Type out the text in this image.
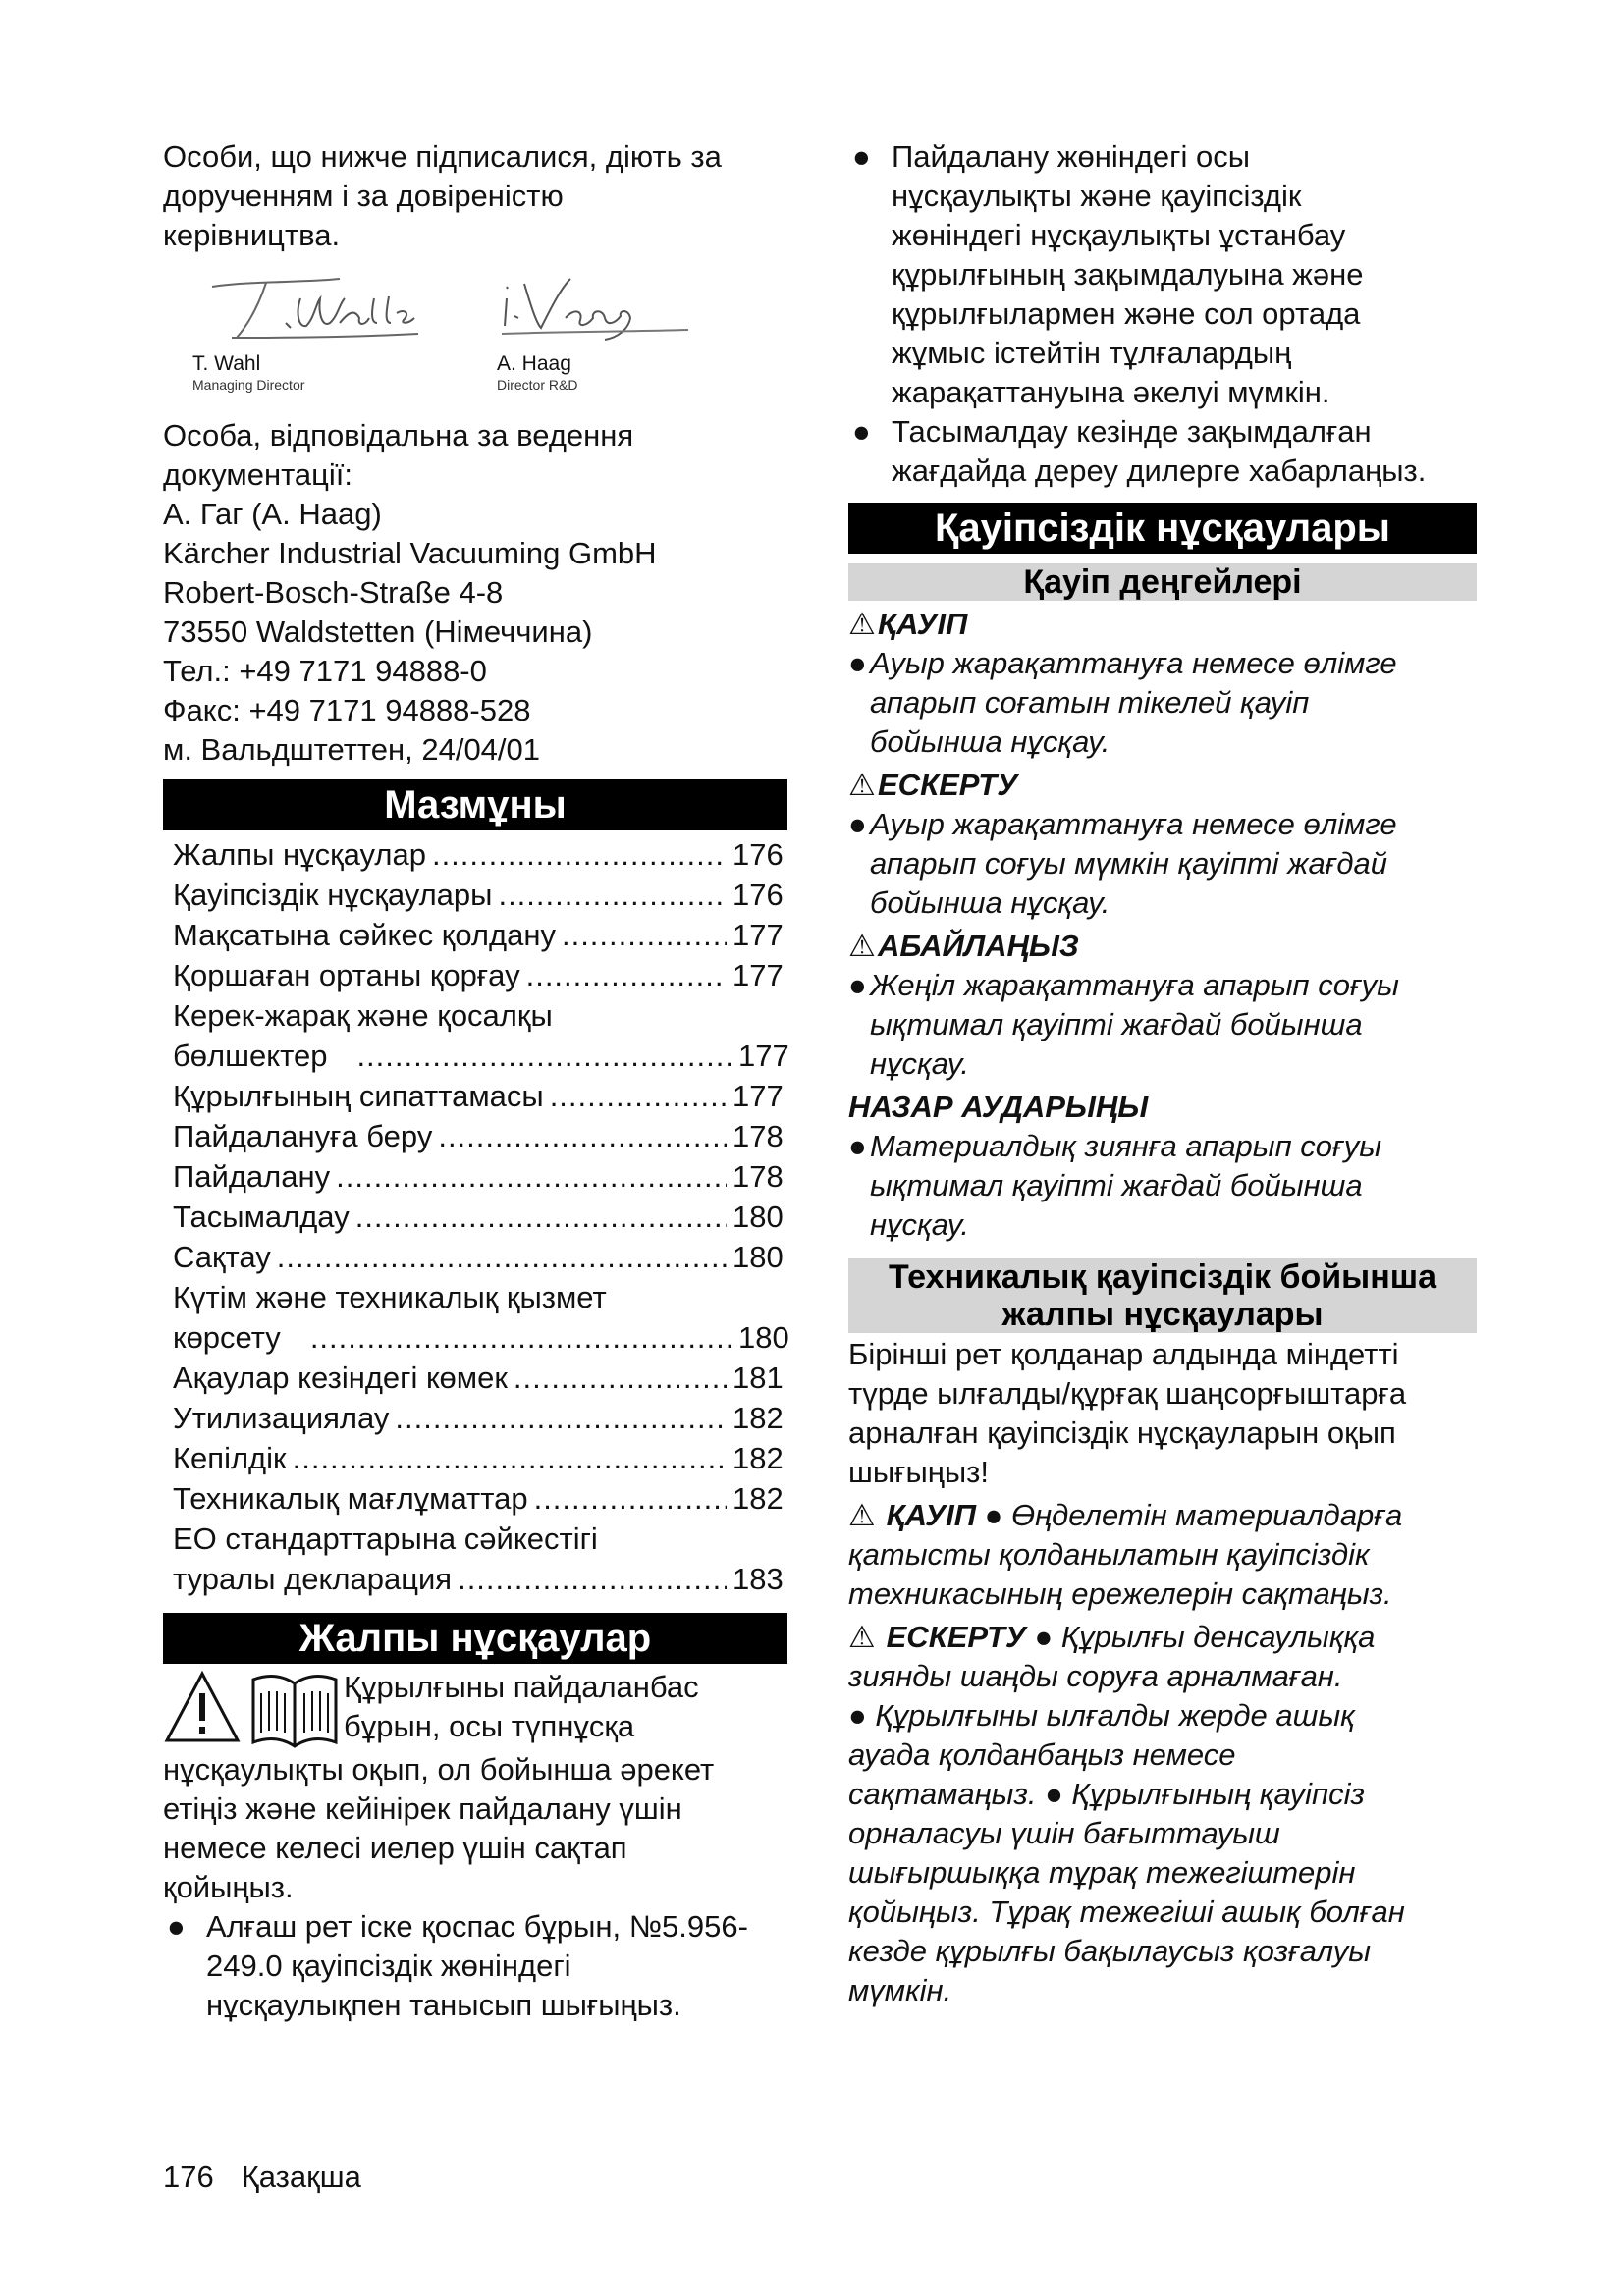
Особи, що нижче підписалися, діють за

дорученням і за довіреністю

керівництва.

T. Wahl
Managing Director
A. Haag
Director R&D

Особа, відповідальна за ведення

документації:

А. Гаг (A. Haag)

Kärcher Industrial Vacuuming GmbH

Robert-Bosch-Straße 4-8

73550 Waldstetten (Німеччина)

Тел.: +49 7171 94888-0

Факс: +49 7171 94888-528

м. Вальдштеттен, 24/04/01

Мазмұны
Жалпы нұсқаулар .....	176
Қауіпсіздік нұсқаулары .....	176
Мақсатына сәйкес қолдану .....	177
Қоршаған ортаны қорғау .....	177
Керек-жарақ және қосалқы
бөлшектер .....	177
Құрылғының сипаттамасы .....	177
Пайдалануға беру .....	178
Пайдалану .....	178
Тасымалдау .....	180
Сақтау .....	180
Күтім және техникалық қызмет
көрсету .....	180
Ақаулар кезіндегі көмек .....	181
Утилизациялау .....	182
Кепілдік .....	182
Техникалық мағлұматтар .....	182
ЕО стандарттарына сәйкестігі
туралы декларация .....	183
Жалпы нұсқаулар

Құрылғыны пайдаланбас

бұрын, осы түпнұсқа

нұсқаулықты оқып, ол бойынша әрекет

етіңіз және кейінірек пайдалану үшін

немесе келесі иелер үшін сақтап

қойыңыз.

● Алғаш рет іске қоспас бұрын, №5.956-

249.0 қауіпсіздік жөніндегі

нұсқаулықпен танысып шығыңыз.

● Пайдалану жөніндегі осы

нұсқаулықты және қауіпсіздік

жөніндегі нұсқаулықты ұстанбау

құрылғының зақымдалуына және

құрылғылармен және сол ортада

жұмыс істейтін тұлғалардың

жарақаттануына әкелуі мүмкін.

● Тасымалдау кезінде зақымдалған

жағдайда дереу дилерге хабарлаңыз.

Қауіпсіздік нұсқаулары
Қауіп деңгейлері
⚠ҚАУІП
● Ауыр жарақаттануға немесе өлімге

апарып соғатын тікелей қауіп

бойынша нұсқау.

⚠ЕСКЕРТУ
● Ауыр жарақаттануға немесе өлімге

апарып соғуы мүмкін қауіпті жағдай

бойынша нұсқау.

⚠АБАЙЛАҢЫЗ
● Жеңіл жарақаттануға апарып соғуы

ықтимал қауіпті жағдай бойынша

нұсқау.

НАЗАР АУДАРЫҢЫ
● Материалдық зиянға апарып соғуы

ықтимал қауіпті жағдай бойынша

нұсқау.

Техникалық қауіпсіздік бойынша
жалпы нұсқаулары

Бірінші рет қолданар алдында міндетті

түрде ылғалды/құрғақ шаңсорғыштарға

арналған қауіпсіздік нұсқауларын оқып

шығыңыз!

⚠ ҚАУІП ● Өңделетін материалдарға

қатысты қолданылатын қауіпсіздік

техникасының ережелерін сақтаңыз.

⚠ ЕСКЕРТУ ● Құрылғы денсаулыққа

зиянды шаңды соруға арналмаған.

● Құрылғыны ылғалды жерде ашық

ауада қолданбаңыз немесе

сақтамаңыз. ● Құрылғының қауіпсіз

орналасуы үшін бағыттауыш

шығыршыққа тұрақ тежегіштерін

қойыңыз. Тұрақ тежегіші ашық болған

кезде құрылғы бақылаусыз қозғалуы

мүмкін.

176 Қазақша
